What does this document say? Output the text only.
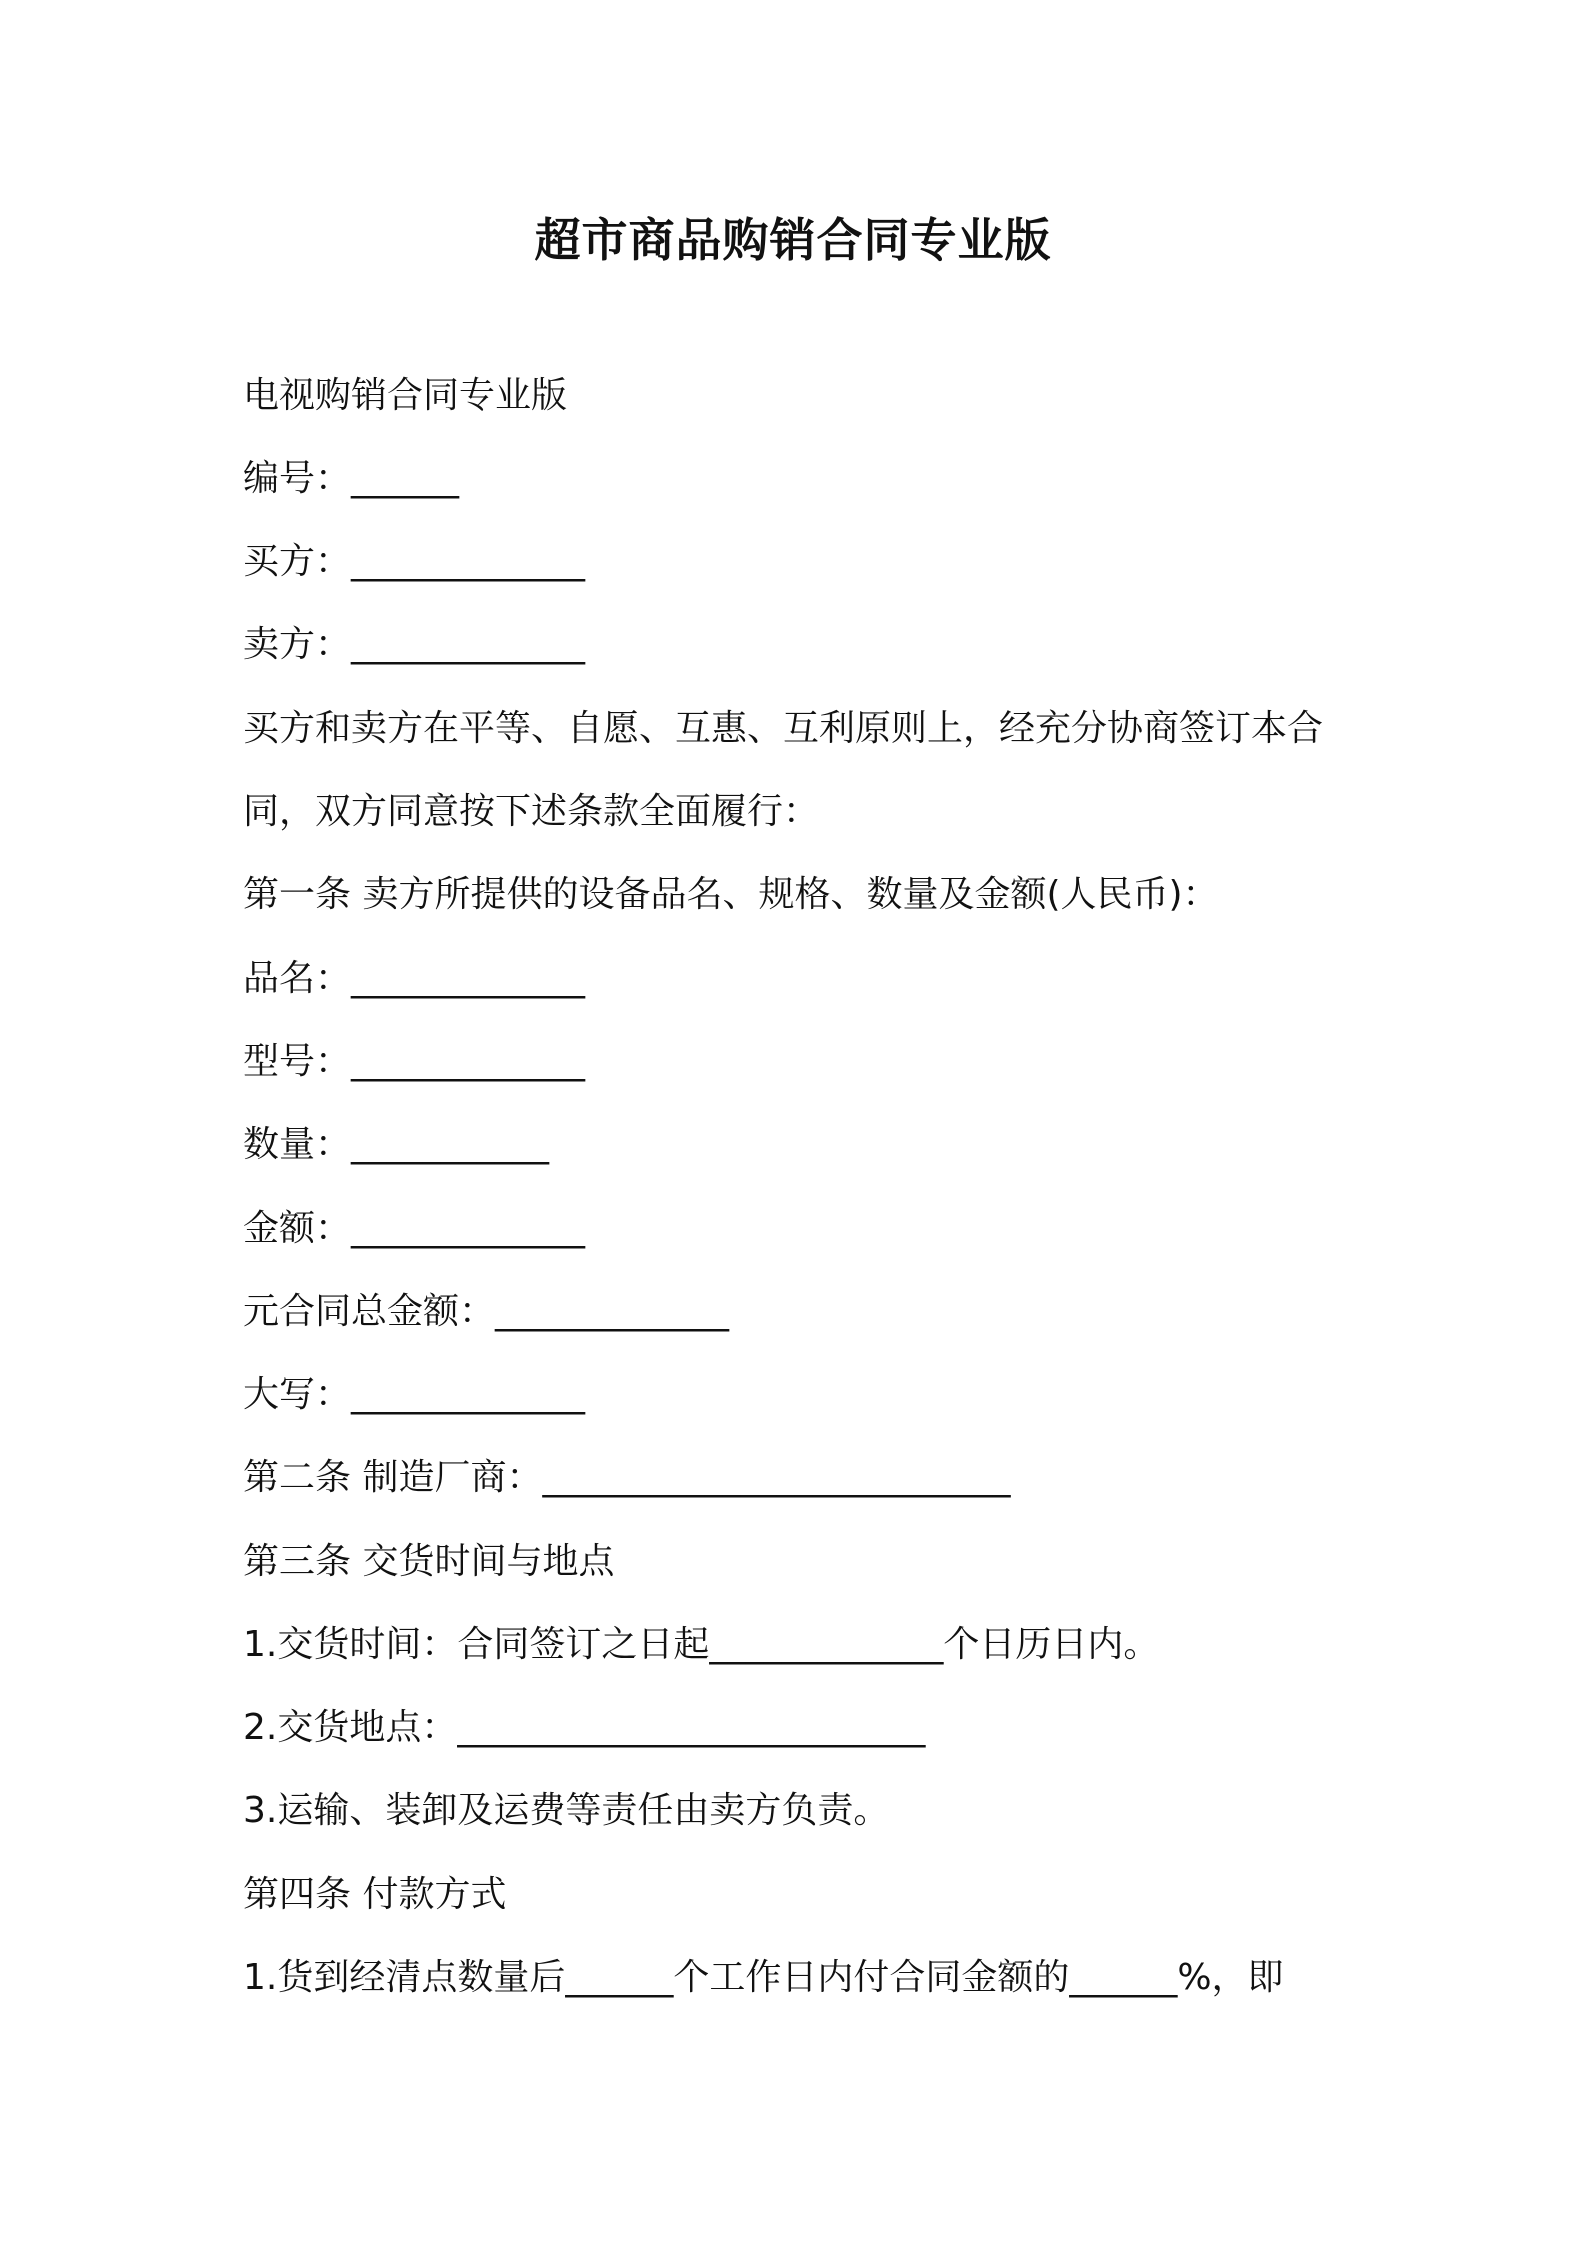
超市商品购销合同专业版
电视购销合同专业版
编号：______
买方：_____________
卖方：_____________
买方和卖方在平等、自愿、互惠、互利原则上，经充分协商签订本合
同，双方同意按下述条款全面履行：
第一条 卖方所提供的设备品名、规格、数量及金额(人民币)：
品名：_____________
型号：_____________
数量：___________
金额：_____________
元合同总金额：_____________
大写：_____________
第二条 制造厂商：__________________________
第三条 交货时间与地点
1.交货时间：合同签订之日起_____________个日历日内。
2.交货地点：__________________________
3.运输、装卸及运费等责任由卖方负责。
第四条 付款方式
1.货到经清点数量后______个工作日内付合同金额的______%，即
